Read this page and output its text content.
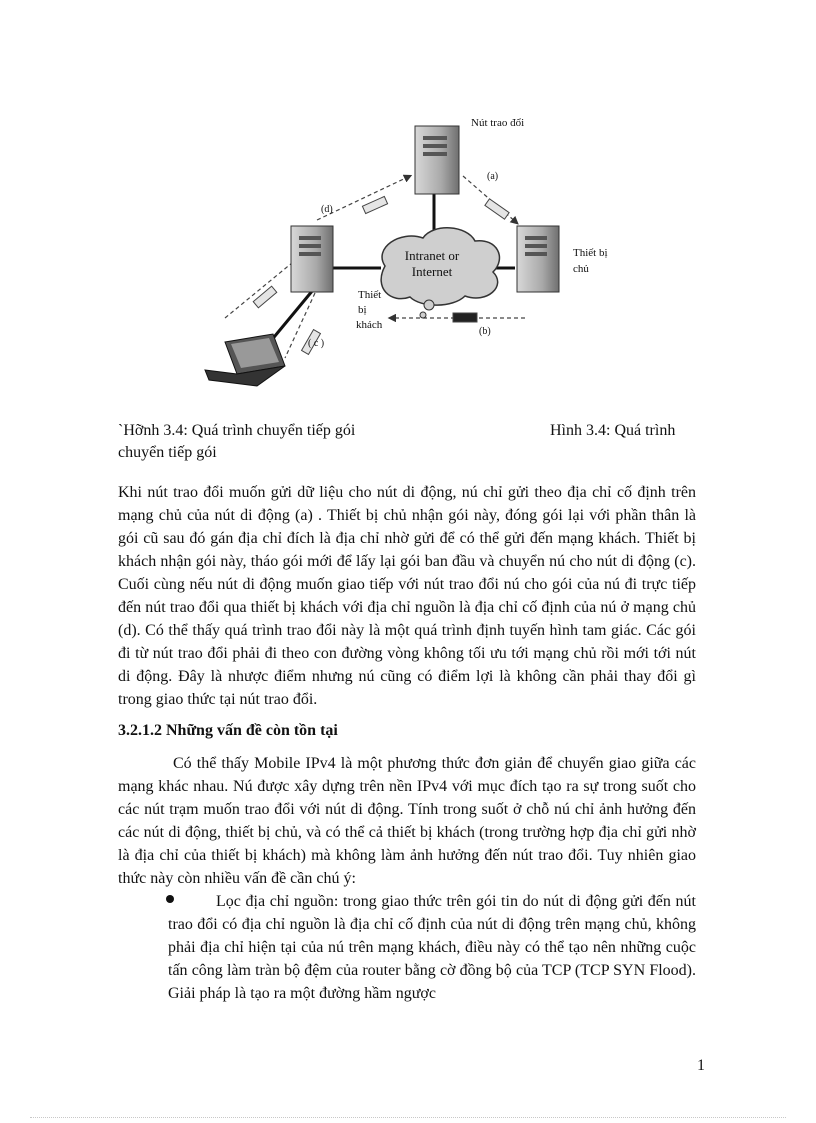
Intranet or
Internet
Nút trao đổi
(a)
Thiết bị
chủ
(b)
Thiết
bị
khách
(d)
( c )
`Hỡnh 3.4: Quá trình chuyển tiếp gói	Hình 3.4: Quá trình
chuyển tiếp gói
Khi nút trao đổi muốn gửi dữ liệu cho nút di động, nú chỉ gửi theo địa chỉ cố định trên mạng chủ của nút di động (a) . Thiết bị chủ nhận gói này, đóng gói lại với phần thân là gói cũ sau đó gán địa chỉ đích là địa chỉ nhờ gửi để có thể gửi đến mạng khách. Thiết bị khách nhận gói này, tháo gói mới để lấy lại gói ban đầu và chuyển nú cho nút di động (c). Cuối cùng nếu nút di động muốn giao tiếp với nút trao đổi nú cho gói của nú đi trực tiếp đến nút trao đổi qua thiết bị khách với địa chỉ nguồn là địa chỉ cố định của nú ở mạng chủ (d). Có thể thấy quá trình trao đổi này là một quá trình định tuyến hình tam giác. Các gói đi từ nút trao đổi phải đi theo con đường vòng không tối ưu tới mạng chủ rồi mới tới nút di động. Đây là nhược điểm nhưng nú cũng có điểm lợi là không cần phải thay đổi gì trong giao thức tại nút trao đổi.
3.2.1.2 Những vấn đề còn tồn tại
Có thể thấy Mobile IPv4 là một phương thức đơn giản để chuyển giao giữa các mạng khác nhau. Nú được xây dựng trên nền IPv4 với mục đích tạo ra sự trong suốt cho các nút trạm muốn trao đổi với nút di động. Tính trong suốt ở chỗ nú chỉ ảnh hưởng đến các nút di động, thiết bị chủ, và có thể cả thiết bị khách (trong trường hợp địa chỉ gửi nhờ là địa chỉ của thiết bị khách) mà không làm ảnh hưởng đến nút trao đổi. Tuy nhiên giao thức này còn nhiều vấn đề cần chú ý:
Lọc địa chỉ nguồn: trong giao thức trên gói tin do nút di động gửi đến nút trao đổi có địa chỉ nguồn là địa chỉ cố định của nút di động trên mạng chủ, không phải địa chỉ hiện tại của nú trên mạng khách, điều này có thể tạo nên những cuộc tấn công làm tràn bộ đệm của router bằng cờ đồng bộ của TCP (TCP SYN Flood). Giải pháp là tạo ra một đường hầm ngược
1
